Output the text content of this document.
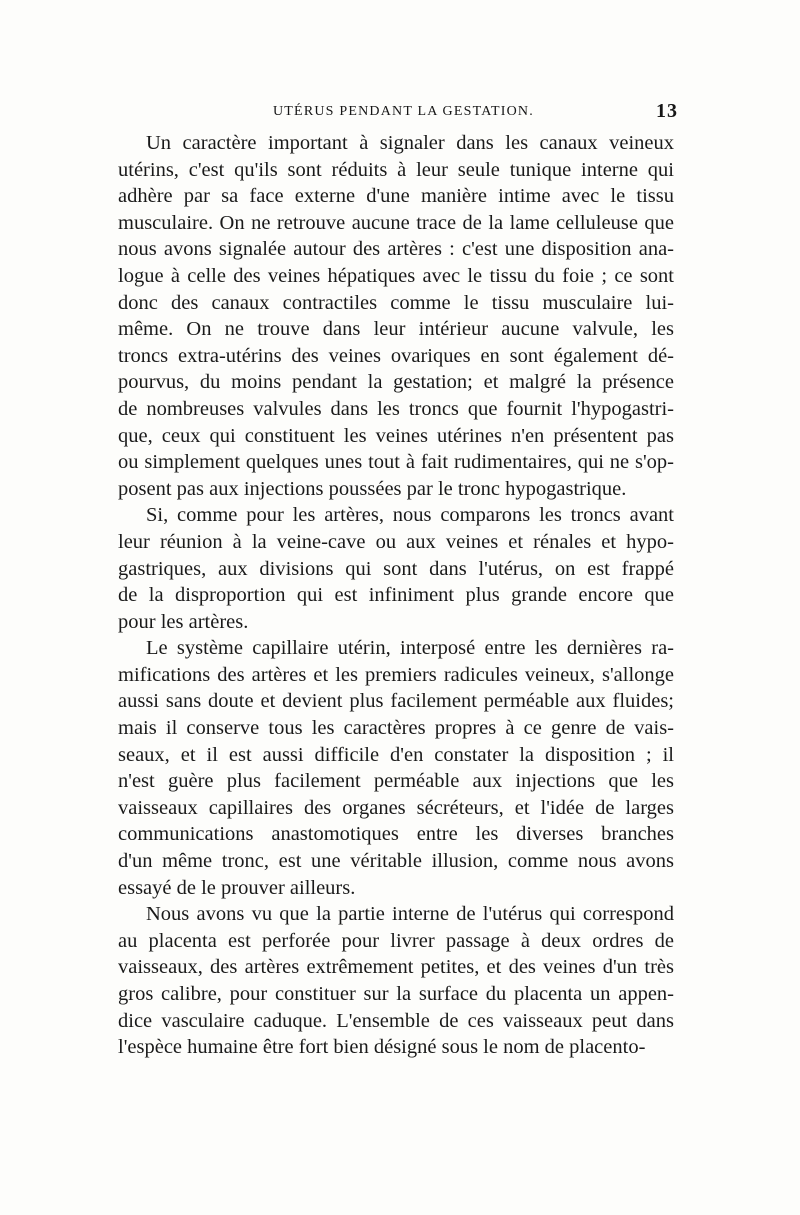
UTÉRUS PENDANT LA GESTATION.	13

Un caractère important à signaler dans les canaux veineux
utérins, c'est qu'ils sont réduits à leur seule tunique interne qui
adhère par sa face externe d'une manière intime avec le tissu
musculaire. On ne retrouve aucune trace de la lame celluleuse que
nous avons signalée autour des artères : c'est une disposition ana-
logue à celle des veines hépatiques avec le tissu du foie ; ce sont
donc des canaux contractiles comme le tissu musculaire lui-
même. On ne trouve dans leur intérieur aucune valvule, les
troncs extra-utérins des veines ovariques en sont également dé-
pourvus, du moins pendant la gestation; et malgré la présence
de nombreuses valvules dans les troncs que fournit l'hypogastri-
que, ceux qui constituent les veines utérines n'en présentent pas
ou simplement quelques unes tout à fait rudimentaires, qui ne s'op-
posent pas aux injections poussées par le tronc hypogastrique.

Si, comme pour les artères, nous comparons les troncs avant
leur réunion à la veine-cave ou aux veines et rénales et hypo-
gastriques, aux divisions qui sont dans l'utérus, on est frappé
de la disproportion qui est infiniment plus grande encore que
pour les artères.

Le système capillaire utérin, interposé entre les dernières ra-
mifications des artères et les premiers radicules veineux, s'allonge
aussi sans doute et devient plus facilement perméable aux fluides;
mais il conserve tous les caractères propres à ce genre de vais-
seaux, et il est aussi difficile d'en constater la disposition ; il
n'est guère plus facilement perméable aux injections que les
vaisseaux capillaires des organes sécréteurs, et l'idée de larges
communications anastomotiques entre les diverses branches
d'un même tronc, est une véritable illusion, comme nous avons
essayé de le prouver ailleurs.

Nous avons vu que la partie interne de l'utérus qui correspond
au placenta est perforée pour livrer passage à deux ordres de
vaisseaux, des artères extrêmement petites, et des veines d'un très
gros calibre, pour constituer sur la surface du placenta un appen-
dice vasculaire caduque. L'ensemble de ces vaisseaux peut dans
l'espèce humaine être fort bien désigné sous le nom de placento-
